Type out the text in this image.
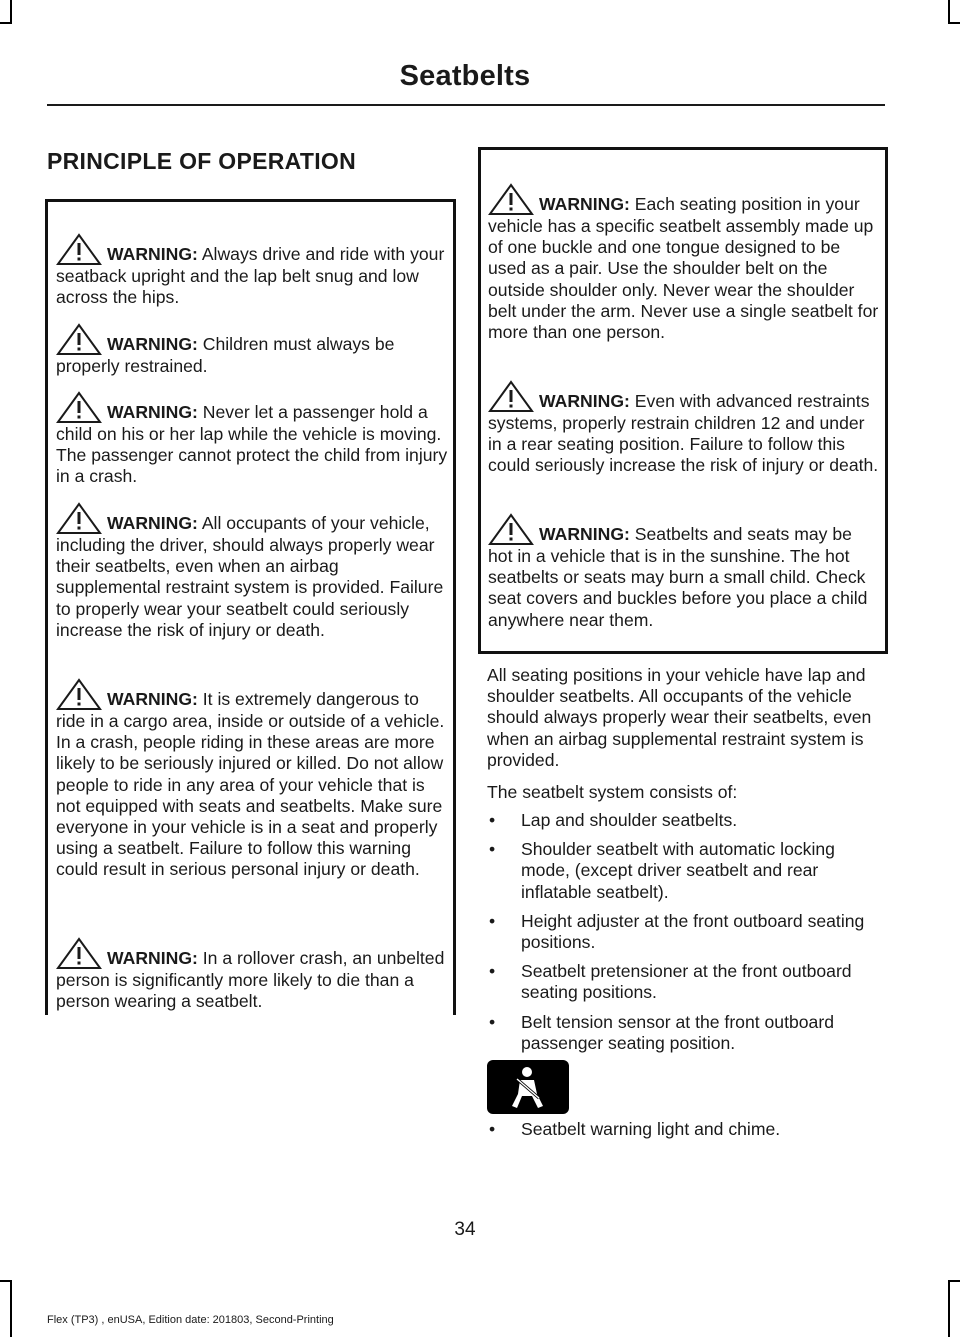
Seatbelts
PRINCIPLE OF OPERATION
WARNING: Always drive and ride with your seatback upright and the lap belt snug and low across the hips.
WARNING: Children must always be properly restrained.
WARNING: Never let a passenger hold a child on his or her lap while the vehicle is moving. The passenger cannot protect the child from injury in a crash.
WARNING: All occupants of your vehicle, including the driver, should always properly wear their seatbelts, even when an airbag supplemental restraint system is provided. Failure to properly wear your seatbelt could seriously increase the risk of injury or death.
WARNING: It is extremely dangerous to ride in a cargo area, inside or outside of a vehicle. In a crash, people riding in these areas are more likely to be seriously injured or killed. Do not allow people to ride in any area of your vehicle that is not equipped with seats and seatbelts. Make sure everyone in your vehicle is in a seat and properly using a seatbelt. Failure to follow this warning could result in serious personal injury or death.
WARNING: In a rollover crash, an unbelted person is significantly more likely to die than a person wearing a seatbelt.
WARNING: Each seating position in your vehicle has a specific seatbelt assembly made up of one buckle and one tongue designed to be used as a pair. Use the shoulder belt on the outside shoulder only. Never wear the shoulder belt under the arm. Never use a single seatbelt for more than one person.
WARNING: Even with advanced restraints systems, properly restrain children 12 and under in a rear seating position. Failure to follow this could seriously increase the risk of injury or death.
WARNING: Seatbelts and seats may be hot in a vehicle that is in the sunshine. The hot seatbelts or seats may burn a small child. Check seat covers and buckles before you place a child anywhere near them.
All seating positions in your vehicle have lap and shoulder seatbelts. All occupants of the vehicle should always properly wear their seatbelts, even when an airbag supplemental restraint system is provided.
The seatbelt system consists of:
• Lap and shoulder seatbelts.
• Shoulder seatbelt with automatic locking mode, (except driver seatbelt and rear inflatable seatbelt).
• Height adjuster at the front outboard seating positions.
• Seatbelt pretensioner at the front outboard seating positions.
• Belt tension sensor at the front outboard passenger seating position.
• Seatbelt warning light and chime.
34
Flex (TP3) , enUSA, Edition date: 201803, Second-Printing
